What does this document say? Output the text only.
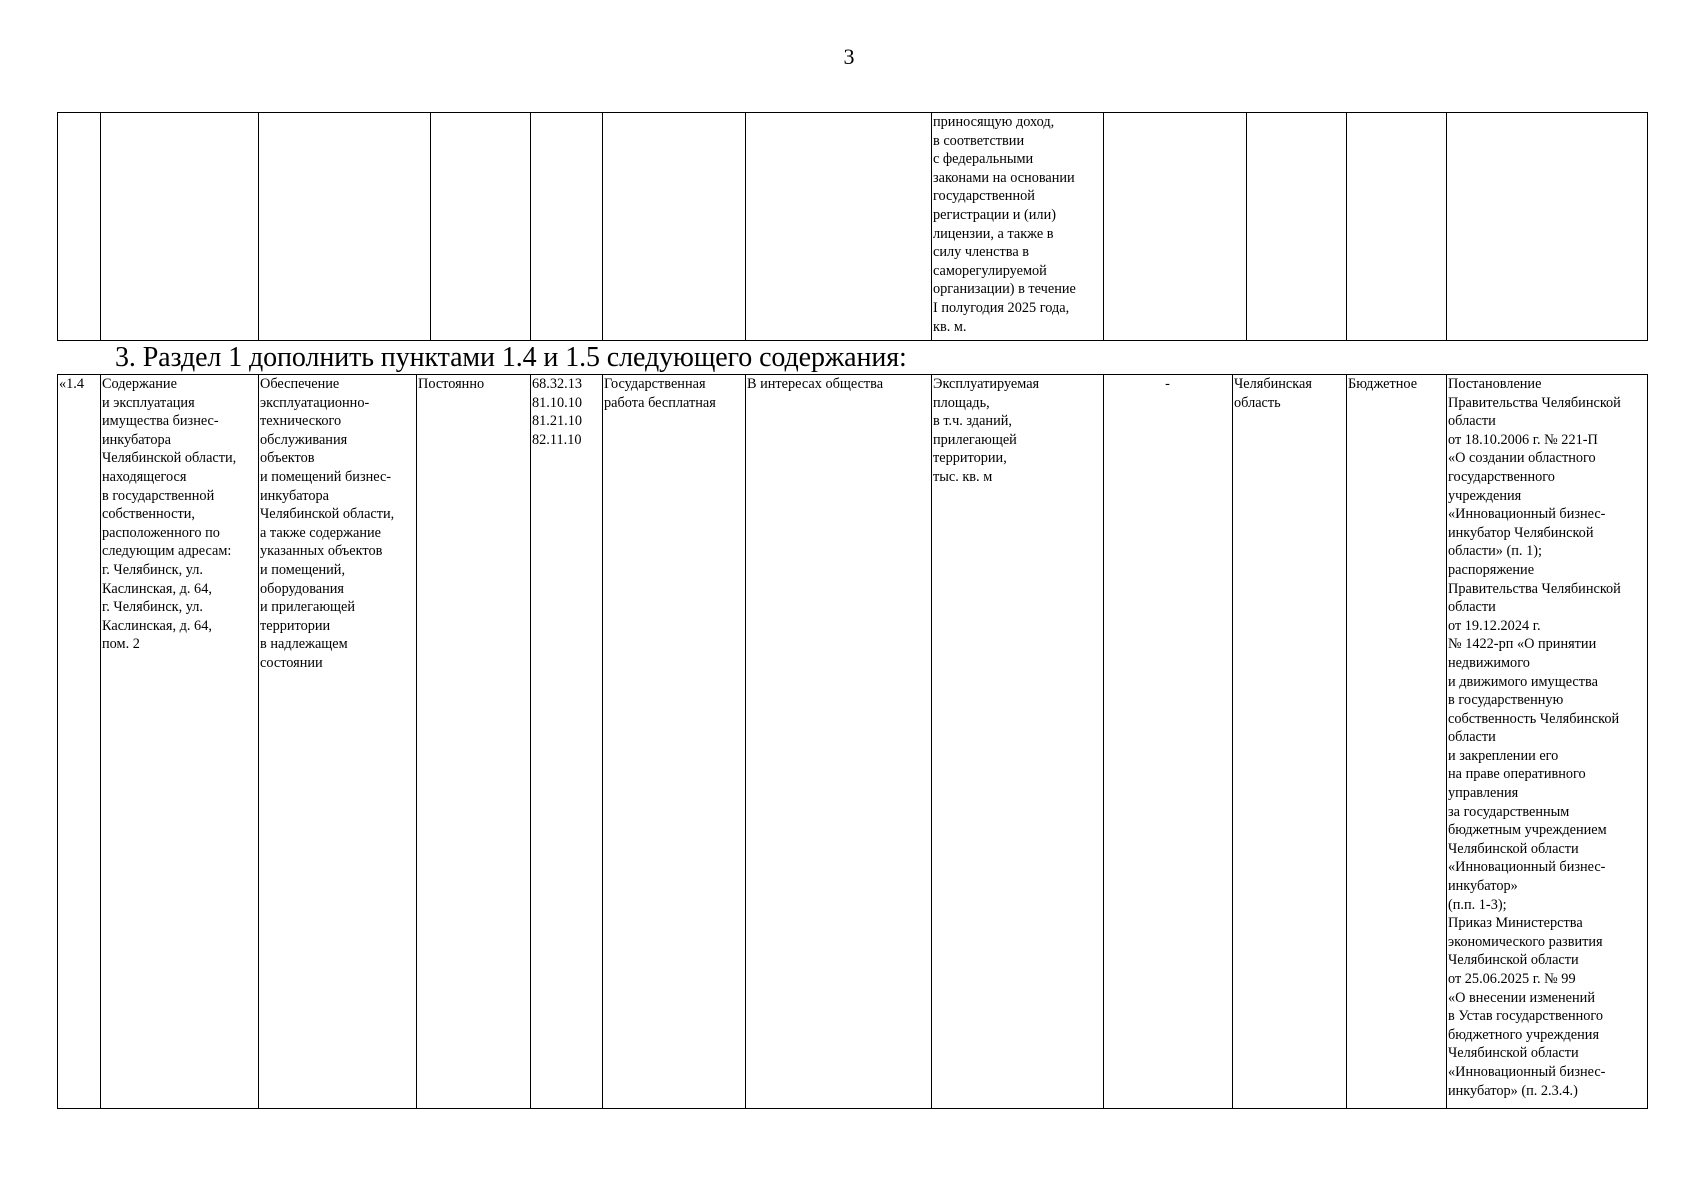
3
							приносящую доход,
в соответствии
с федеральными
законами на основании
государственной
регистрации и (или)
лицензии, а также в
силу членства в
саморегулируемой
организации) в течение
I полугодия 2025 года,
кв. м.				
3. Раздел 1 дополнить пунктами 1.4 и 1.5 следующего содержания:
«1.4	Содержание
и эксплуатация
имущества бизнес-
инкубатора
Челябинской области,
находящегося
в государственной
собственности,
расположенного по
следующим адресам:
г. Челябинск, ул.
Каслинская, д. 64,
г. Челябинск, ул.
Каслинская, д. 64,
пом. 2	Обеспечение
эксплуатационно-
технического
обслуживания
объектов
и помещений бизнес-
инкубатора
Челябинской области,
а также содержание
указанных объектов
и помещений,
оборудования
и прилегающей
территории
в надлежащем
состоянии	Постоянно	68.32.13
81.10.10
81.21.10
82.11.10	Государственная
работа бесплатная	В интересах общества	Эксплуатируемая
площадь,
в т.ч. зданий,
прилегающей
территории,
тыс. кв. м	-	Челябинская
область	Бюджетное	Постановление
Правительства Челябинской
области
от 18.10.2006 г. № 221-П
«О создании областного
государственного
учреждения
«Инновационный бизнес-
инкубатор Челябинской
области» (п. 1);
распоряжение
Правительства Челябинской
области
от 19.12.2024 г.
№ 1422-рп «О принятии
недвижимого
и движимого имущества
в государственную
собственность Челябинской
области
и закреплении его
на праве оперативного
управления
за государственным
бюджетным учреждением
Челябинской области
«Инновационный бизнес-
инкубатор»
(п.п. 1-3);
Приказ Министерства
экономического развития
Челябинской области
от 25.06.2025 г. № 99
«О внесении изменений
в Устав государственного
бюджетного учреждения
Челябинской области
«Инновационный бизнес-
инкубатор» (п. 2.3.4.)
